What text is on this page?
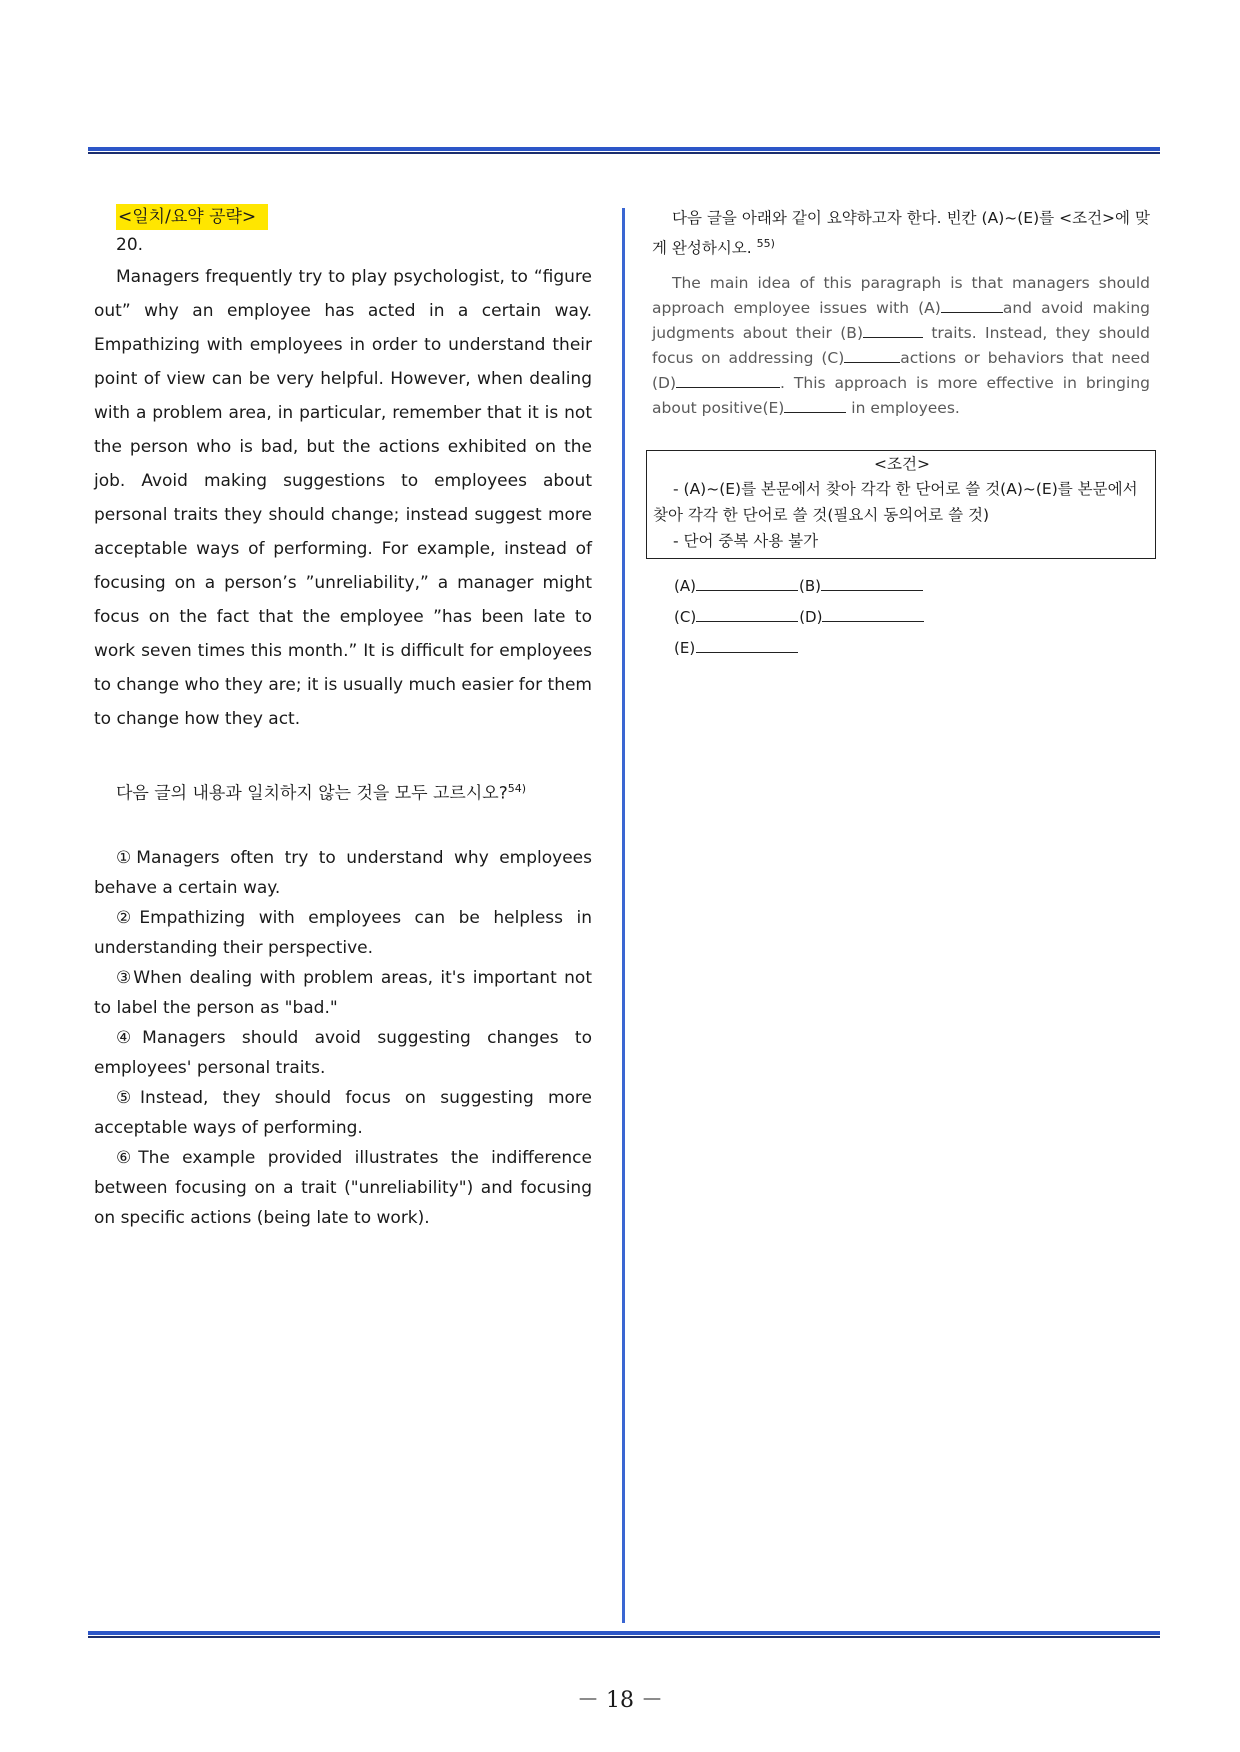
<일치/요약 공략>
20.

Managers frequently try to play psychologist, to “figure out” why an employee has acted in a certain way. Empathizing with employees in order to understand their point of view can be very helpful. However, when dealing with a problem area, in particular, remember that it is not the person who is bad, but the actions exhibited on the job. Avoid making suggestions to employees about personal traits they should change; instead suggest more acceptable ways of performing. For example, instead of focusing on a person’s ”unreliability,” a manager might focus on the fact that the employee ”has been late to work seven times this month.” It is difficult for employees to change who they are; it is usually much easier for them to change how they act.

다음 글의 내용과 일치하지 않는 것을 모두 고르시오?$^{54)}$

①Managers often try to understand why employees behave a certain way.

②Empathizing with employees can be helpless in understanding their perspective.

③When dealing with problem areas, it's important not to label the person as "bad."

④Managers should avoid suggesting changes to employees' personal traits.

⑤Instead, they should focus on suggesting more acceptable ways of performing.

⑥The example provided illustrates the indifference between focusing on a trait ("unreliability") and focusing on specific actions (being late to work).

다음 글을 아래와 같이 요약하고자 한다. 빈칸 (A)~(E)를 <조건>에 맞게 완성하시오. $^{55)}$

The main idea of this paragraph is that managers should approach employee issues with (A)	and avoid making judgments about their (B)	traits. Instead, they should focus on addressing (C)	actions or behaviors that need (D)	. This approach is more effective in bringing about positive(E)	in employees.

<조건>

- (A)~(E)를 본문에서 찾아 각각 한 단어로 쓸 것(A)~(E)를 본문에서 찾아 각각 한 단어로 쓸 것(필요시 동의어로 쓸 것)

- 단어 중복 사용 불가

(A)	(B)
(C)	(D)
(E)
－ 18 －
